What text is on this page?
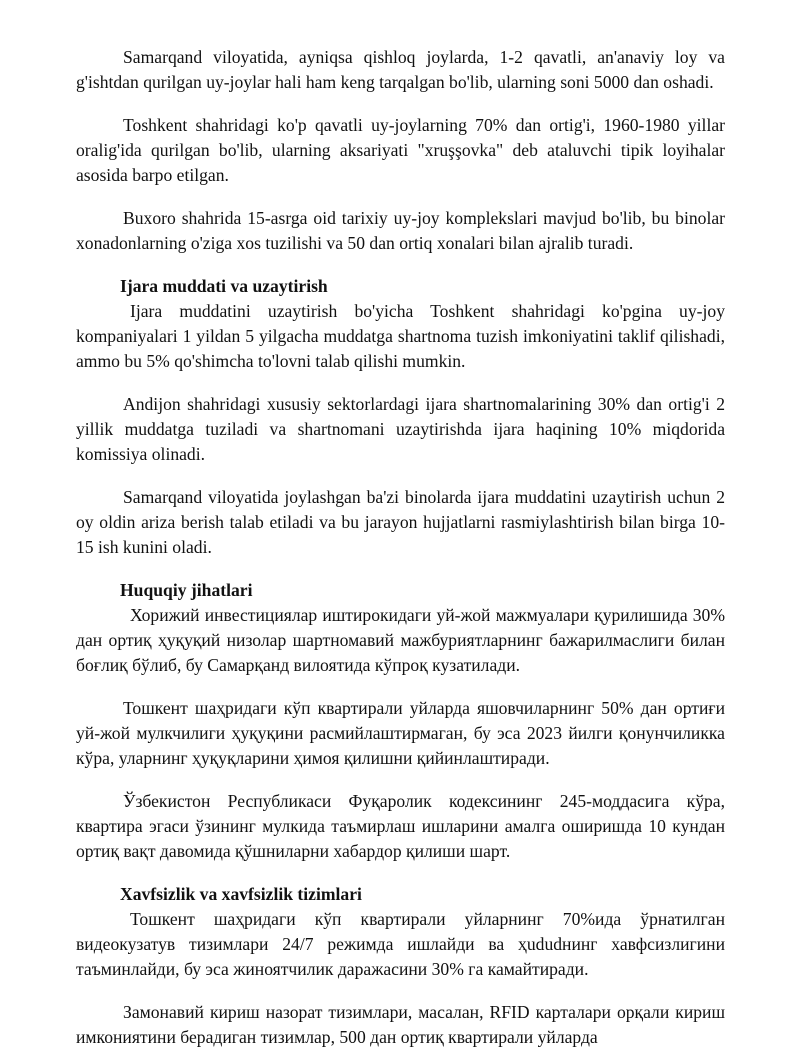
Samarqand viloyatida, ayniqsa qishloq joylarda, 1-2 qavatli, an'anaviy loy va g'ishtdan qurilgan uy-joylar hali ham keng tarqalgan bo'lib, ularning soni 5000 dan oshadi.

Toshkent shahridagi ko'p qavatli uy-joylarning 70% dan ortig'i, 1960-1980 yillar oralig'ida qurilgan bo'lib, ularning aksariyati "xruşşovka" deb ataluvchi tipik loyihalar asosida barpo etilgan.

Buxoro shahrida 15-asrga oid tarixiy uy-joy komplekslari mavjud bo'lib, bu binolar xonadonlarning o'ziga xos tuzilishi va 50 dan ortiq xonalari bilan ajralib turadi.

Ijara muddati va uzaytirish

Ijara muddatini uzaytirish bo'yicha Toshkent shahridagi ko'pgina uy-joy kompaniyalari 1 yildan 5 yilgacha muddatga shartnoma tuzish imkoniyatini taklif qilishadi, ammo bu 5% qo'shimcha to'lovni talab qilishi mumkin.

Andijon shahridagi xususiy sektorlardagi ijara shartnomalarining 30% dan ortig'i 2 yillik muddatga tuziladi va shartnomani uzaytirishda ijara haqining 10% miqdorida komissiya olinadi.

Samarqand viloyatida joylashgan ba'zi binolarda ijara muddatini uzaytirish uchun 2 oy oldin ariza berish talab etiladi va bu jarayon hujjatlarni rasmiylashtirish bilan birga 10-15 ish kunini oladi.

Huquqiy jihatlari

Хорижий инвестициялар иштирокидаги уй-жой мажмуалари қурилишида 30% дан ортиқ ҳуқуқий низолар шартномавий мажбуриятларнинг бажарилмаслиги билан боғлиқ бўлиб, бу Самарқанд вилоятида кўпроқ кузатилади.

Тошкент шаҳридаги кўп квартирали уйларда яшовчиларнинг 50% дан ортиғи уй-жой мулкчилиги ҳуқуқини расмийлаштирмаган, бу эса 2023 йилги қонунчиликка кўра, уларнинг ҳуқуқларини ҳимоя қилишни қийинлаштиради.

Ўзбекистон Республикаси Фуқаролик кодексининг 245-моддасига кўра, квартира эгаси ўзининг мулкида таъмирлаш ишларини амалга оширишда 10 кундан ортиқ вақт давомида қўшниларни хабардор қилиши шарт.

Xavfsizlik va xavfsizlik tizimlari

Тошкент шаҳридаги кўп квартирали уйларнинг 70%ида ўрнатилган видеокузатув тизимлари 24/7 режимда ишлайди ва ҳududнинг хавфсизлигини таъминлайди, бу эса жиноятчилик даражасини 30% га камайтиради.

Замонавий кириш назорат тизимлари, масалан, RFID карталари орқали кириш имкониятини берадиган тизимлар, 500 дан ортиқ квартирали уйларда
